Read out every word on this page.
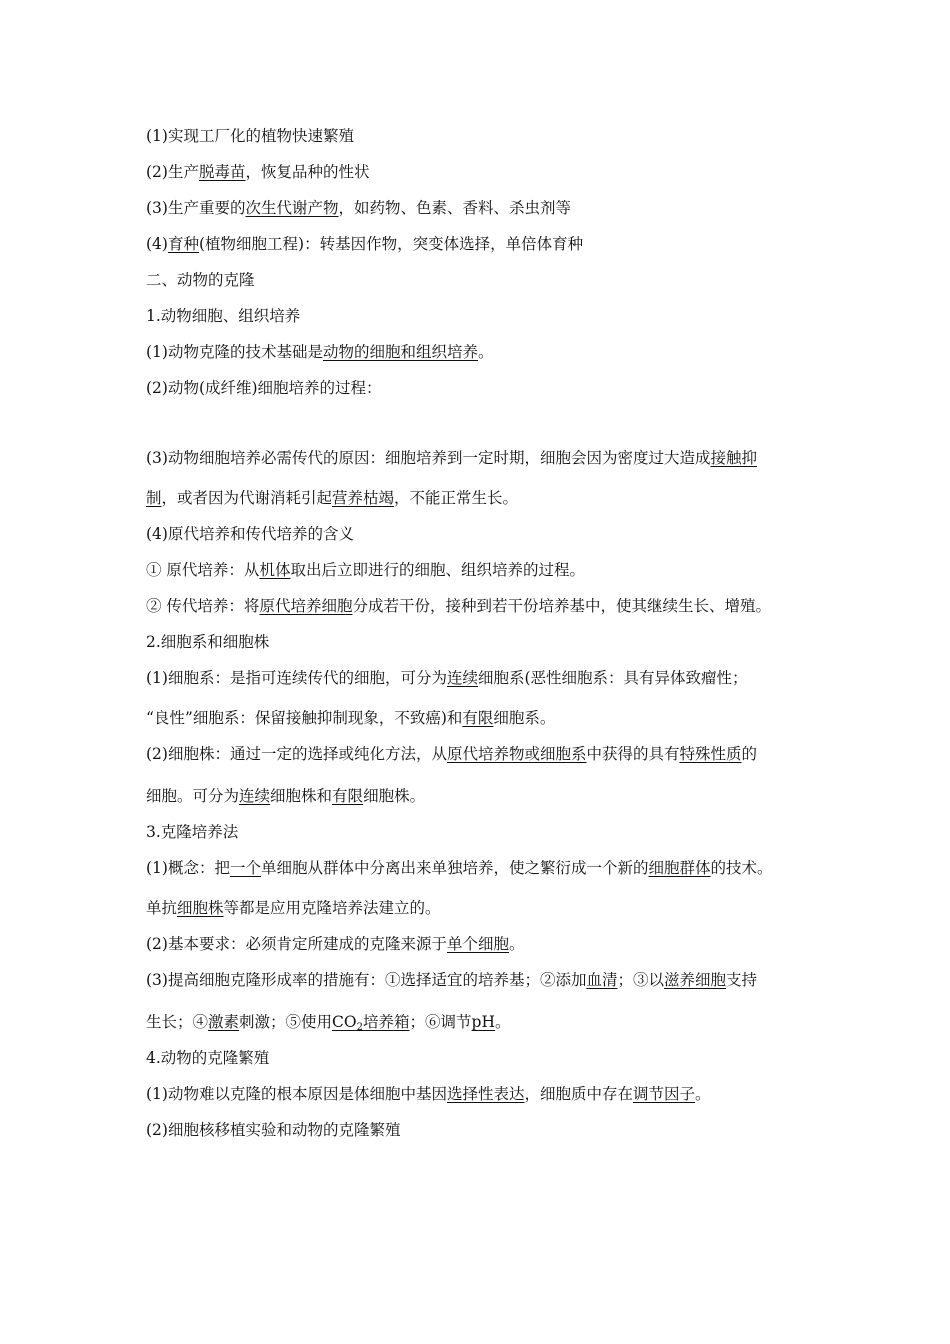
(1)实现工厂化的植物快速繁殖
(2)生产脱毒苗，恢复品种的性状
(3)生产重要的次生代谢产物，如药物、色素、香料、杀虫剂等
(4)育种(植物细胞工程)：转基因作物，突变体选择，单倍体育种
二、动物的克隆
1.动物细胞、组织培养
(1)动物克隆的技术基础是动物的细胞和组织培养。
(2)动物(成纤维)细胞培养的过程：
(3)动物细胞培养必需传代的原因：细胞培养到一定时期，细胞会因为密度过大造成接触抑
制，或者因为代谢消耗引起营养枯竭，不能正常生长。
(4)原代培养和传代培养的含义
① 原代培养：从机体取出后立即进行的细胞、组织培养的过程。
② 传代培养：将原代培养细胞分成若干份，接种到若干份培养基中，使其继续生长、增殖。
2.细胞系和细胞株
(1)细胞系：是指可连续传代的细胞，可分为连续细胞系(恶性细胞系：具有异体致瘤性；
“良性”细胞系：保留接触抑制现象，不致癌)和有限细胞系。
(2)细胞株：通过一定的选择或纯化方法，从原代培养物或细胞系中获得的具有特殊性质的
细胞。可分为连续细胞株和有限细胞株。
3.克隆培养法
(1)概念：把一个单细胞从群体中分离出来单独培养，使之繁衍成一个新的细胞群体的技术。
单抗细胞株等都是应用克隆培养法建立的。
(2)基本要求：必须肯定所建成的克隆来源于单个细胞。
(3)提高细胞克隆形成率的措施有：①选择适宜的培养基；②添加血清；③以滋养细胞支持
生长；④激素刺激；⑤使用$CO_2$培养箱；⑥调节pH。
4.动物的克隆繁殖
(1)动物难以克隆的根本原因是体细胞中基因选择性表达，细胞质中存在调节因子。
(2)细胞核移植实验和动物的克隆繁殖
